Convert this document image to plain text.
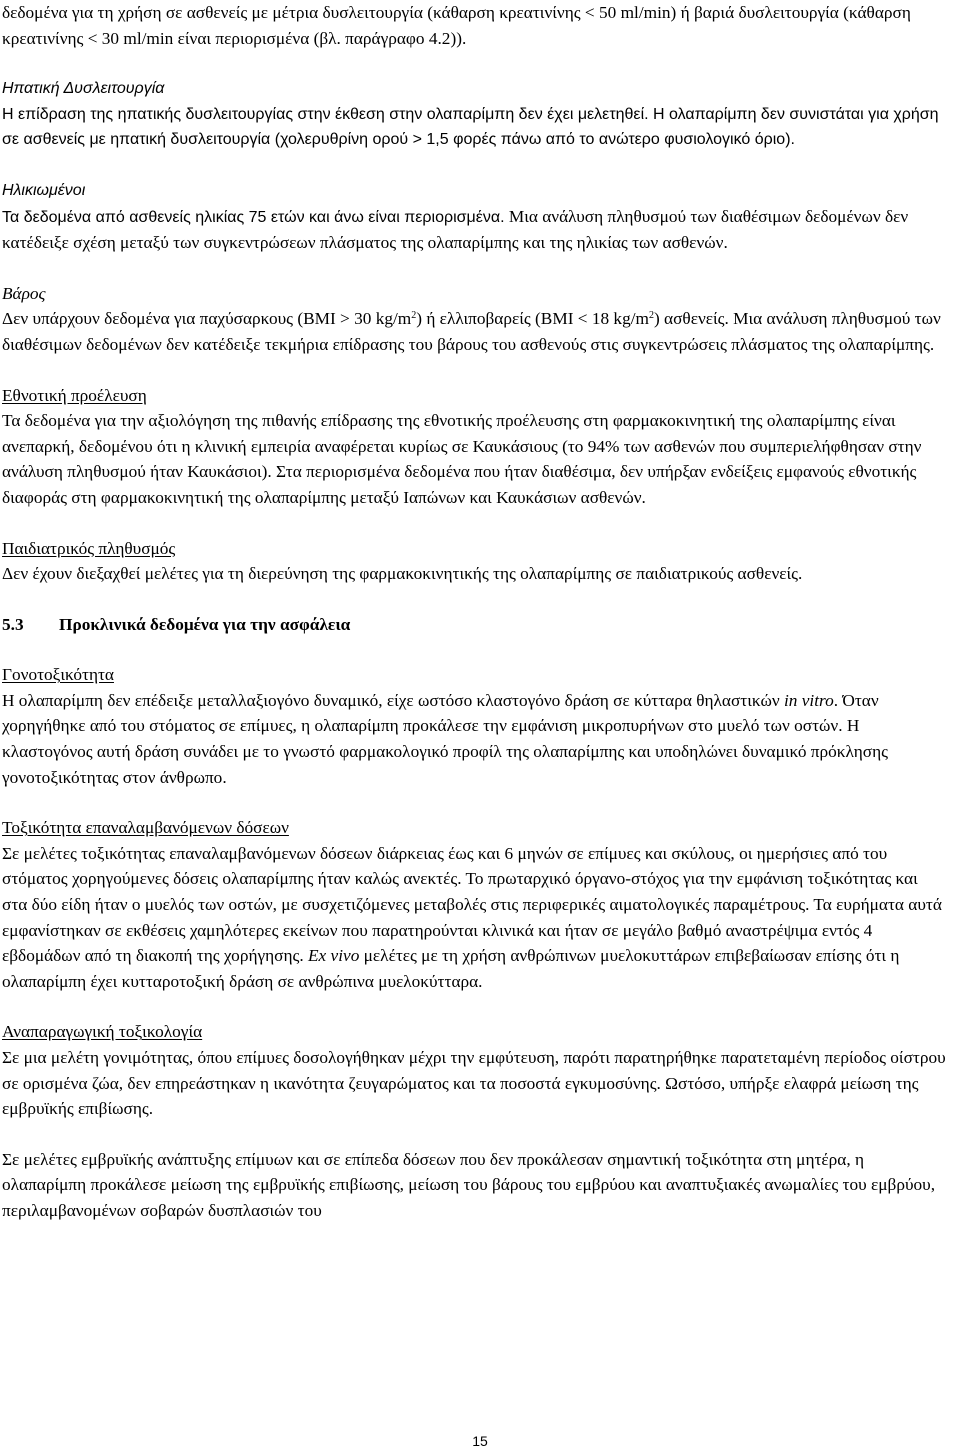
δεδομένα για τη χρήση σε ασθενείς με μέτρια δυσλειτουργία (κάθαρση κρεατινίνης < 50 ml/min) ή βαριά δυσλειτουργία (κάθαρση κρεατινίνης < 30 ml/min είναι περιορισμένα (βλ. παράγραφο 4.2)).

Ηπατική Δυσλειτουργία

Η επίδραση της ηπατικής δυσλειτουργίας στην έκθεση στην ολαπαρίμπη δεν έχει μελετηθεί. Η ολαπαρίμπη δεν συνιστάται για χρήση σε ασθενείς με ηπατική δυσλειτουργία (χολερυθρίνη ορού > 1,5 φορές πάνω από το ανώτερο φυσιολογικό όριο).

Ηλικιωμένοι

Τα δεδομένα από ασθενείς ηλικίας 75 ετών και άνω είναι περιορισμένα. Μια ανάλυση πληθυσμού των διαθέσιμων δεδομένων δεν κατέδειξε σχέση μεταξύ των συγκεντρώσεων πλάσματος της ολαπαρίμπης και της ηλικίας των ασθενών.

Βάρος

Δεν υπάρχουν δεδομένα για παχύσαρκους (BMI > 30 $kg/m^2$) ή ελλιποβαρείς (BMI < 18 $kg/m^2$) ασθενείς. Μια ανάλυση πληθυσμού των διαθέσιμων δεδομένων δεν κατέδειξε τεκμήρια επίδρασης του βάρους του ασθενούς στις συγκεντρώσεις πλάσματος της ολαπαρίμπης.

Εθνοτική προέλευση

Τα δεδομένα για την αξιολόγηση της πιθανής επίδρασης της εθνοτικής προέλευσης στη φαρμακοκινητική της ολαπαρίμπης είναι ανεπαρκή, δεδομένου ότι η κλινική εμπειρία αναφέρεται κυρίως σε Καυκάσιους (το 94% των ασθενών που συμπεριελήφθησαν στην ανάλυση πληθυσμού ήταν Καυκάσιοι). Στα περιορισμένα δεδομένα που ήταν διαθέσιμα, δεν υπήρξαν ενδείξεις εμφανούς εθνοτικής διαφοράς στη φαρμακοκινητική της ολαπαρίμπης μεταξύ Ιαπώνων και Καυκάσιων ασθενών.

Παιδιατρικός πληθυσμός

Δεν έχουν διεξαχθεί μελέτες για τη διερεύνηση της φαρμακοκινητικής της ολαπαρίμπης σε παιδιατρικούς ασθενείς.

5.3	Προκλινικά δεδομένα για την ασφάλεια

Γονοτοξικότητα

Η ολαπαρίμπη δεν επέδειξε μεταλλαξιογόνο δυναμικό, είχε ωστόσο κλαστογόνο δράση σε κύτταρα θηλαστικών in vitro. Όταν χορηγήθηκε από του στόματος σε επίμυες, η ολαπαρίμπη προκάλεσε την εμφάνιση μικροπυρήνων στο μυελό των οστών. Η κλαστογόνος αυτή δράση συνάδει με το γνωστό φαρμακολογικό προφίλ της ολαπαρίμπης και υποδηλώνει δυναμικό πρόκλησης γονοτοξικότητας στον άνθρωπο.

Τοξικότητα επαναλαμβανόμενων δόσεων

Σε μελέτες τοξικότητας επαναλαμβανόμενων δόσεων διάρκειας έως και 6 μηνών σε επίμυες και σκύλους, οι ημερήσιες από του στόματος χορηγούμενες δόσεις ολαπαρίμπης ήταν καλώς ανεκτές. Το πρωταρχικό όργανο-στόχος για την εμφάνιση τοξικότητας και στα δύο είδη ήταν ο μυελός των οστών, με συσχετιζόμενες μεταβολές στις περιφερικές αιματολογικές παραμέτρους. Τα ευρήματα αυτά εμφανίστηκαν σε εκθέσεις χαμηλότερες εκείνων που παρατηρούνται κλινικά και ήταν σε μεγάλο βαθμό αναστρέψιμα εντός 4 εβδομάδων από τη διακοπή της χορήγησης. Ex vivo μελέτες με τη χρήση ανθρώπινων μυελοκυττάρων επιβεβαίωσαν επίσης ότι η ολαπαρίμπη έχει κυτταροτοξική δράση σε ανθρώπινα μυελοκύτταρα.

Αναπαραγωγική τοξικολογία

Σε μια μελέτη γονιμότητας, όπου επίμυες δοσολογήθηκαν μέχρι την εμφύτευση, παρότι παρατηρήθηκε παρατεταμένη περίοδος οίστρου σε ορισμένα ζώα, δεν επηρεάστηκαν η ικανότητα ζευγαρώματος και τα ποσοστά εγκυμοσύνης. Ωστόσο, υπήρξε ελαφρά μείωση της εμβρυϊκής επιβίωσης.

Σε μελέτες εμβρυϊκής ανάπτυξης επίμυων και σε επίπεδα δόσεων που δεν προκάλεσαν σημαντική τοξικότητα στη μητέρα, η ολαπαρίμπη προκάλεσε μείωση της εμβρυϊκής επιβίωσης, μείωση του βάρους του εμβρύου και αναπτυξιακές ανωμαλίες του εμβρύου, περιλαμβανομένων σοβαρών δυσπλασιών του

15
